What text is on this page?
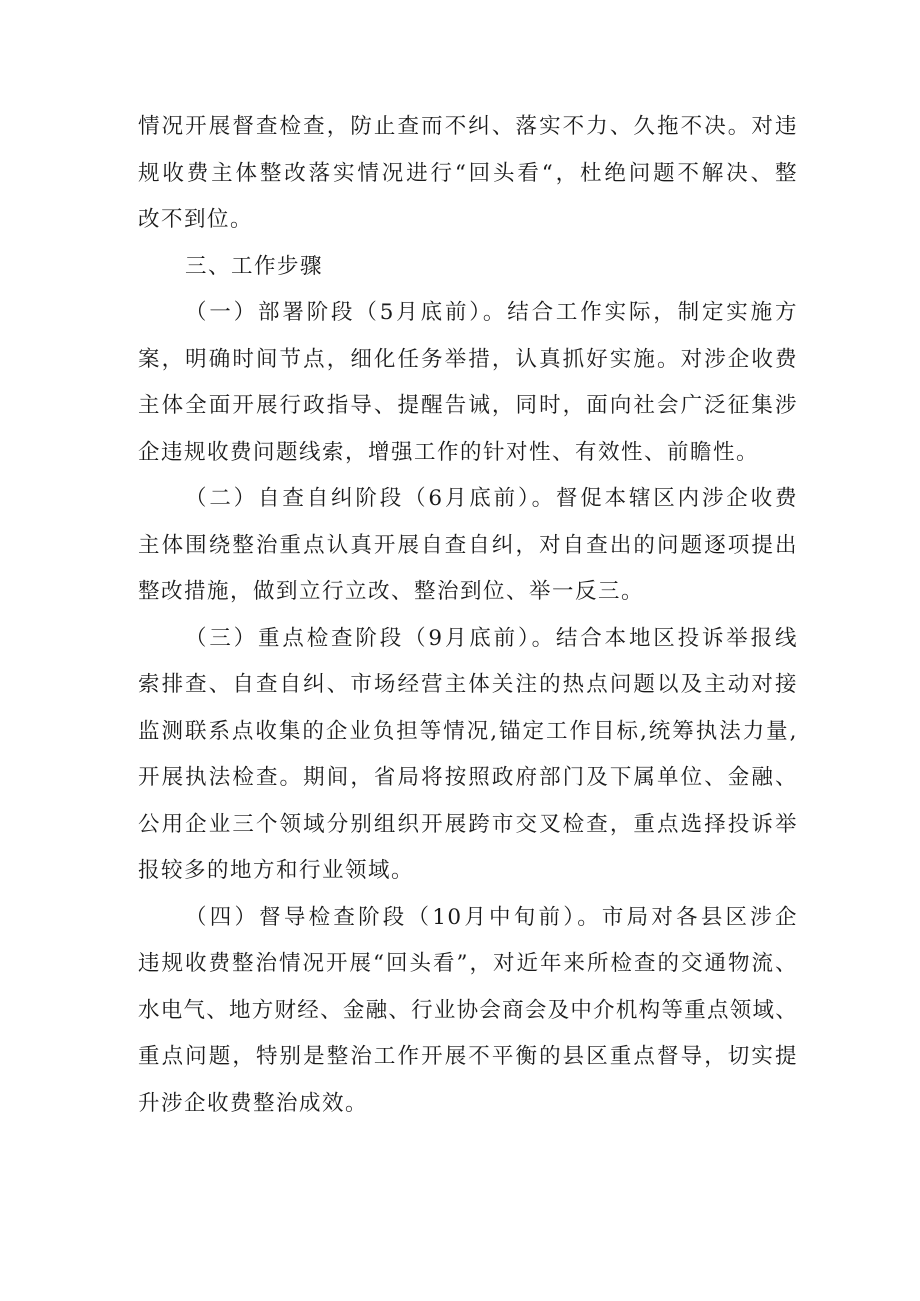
情况开展督查检查，防止查而不纠、落实不力、久拖不决。对违
规收费主体整改落实情况进行“回头看“，杜绝问题不解决、整
改不到位。
三、工作步骤
（一）部署阶段（5月底前）。结合工作实际，制定实施方
案，明确时间节点，细化任务举措，认真抓好实施。对涉企收费
主体全面开展行政指导、提醒告诫，同时，面向社会广泛征集涉
企违规收费问题线索，增强工作的针对性、有效性、前瞻性。
（二）自查自纠阶段（6月底前）。督促本辖区内涉企收费
主体围绕整治重点认真开展自查自纠，对自查出的问题逐项提出
整改措施，做到立行立改、整治到位、举一反三。
（三）重点检查阶段（9月底前）。结合本地区投诉举报线
索排查、自查自纠、市场经营主体关注的热点问题以及主动对接
监测联系点收集的企业负担等情况,锚定工作目标,统筹执法力量,
开展执法检查。期间，省局将按照政府部门及下属单位、金融、
公用企业三个领域分别组织开展跨市交叉检查，重点选择投诉举
报较多的地方和行业领域。
（四）督导检查阶段（10月中旬前）。市局对各县区涉企
违规收费整治情况开展“回头看”，对近年来所检查的交通物流、
水电气、地方财经、金融、行业协会商会及中介机构等重点领域、
重点问题，特别是整治工作开展不平衡的县区重点督导，切实提
升涉企收费整治成效。
